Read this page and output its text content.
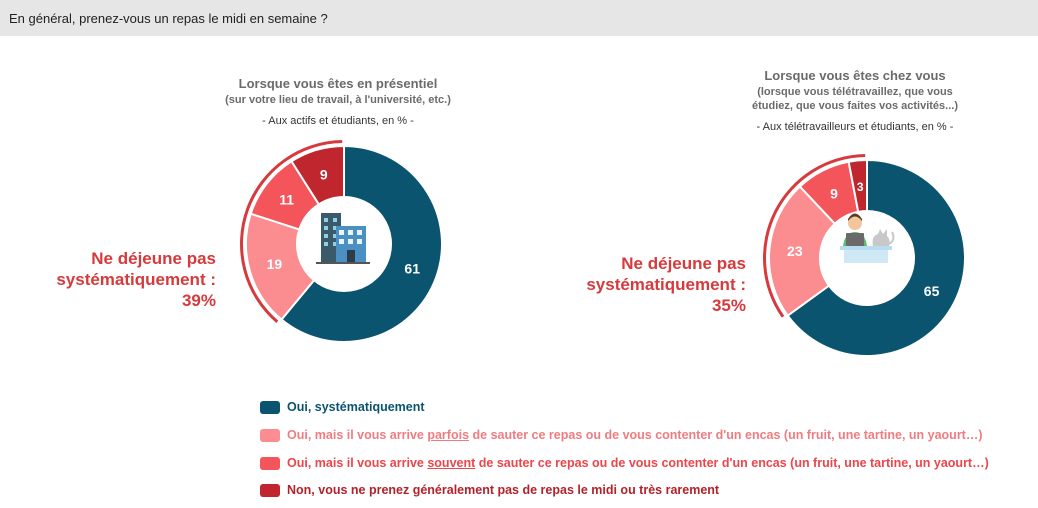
En général, prenez-vous un repas le midi en semaine ?
Lorsque vous êtes en présentiel
(sur votre lieu de travail, à l'université, etc.)
- Aux actifs et étudiants, en % -
Lorsque vous êtes chez vous
(lorsque vous télétravaillez, que vous
étudiez, que vous faites vos activités...)
- Aux télétravailleurs et étudiants, en % -
Ne déjeune pas
systématiquement :
39%
Ne déjeune pas
systématiquement :
35%
65
23
9 3
61
19
11
9
Oui, systématiquement
Oui, mais il vous arrive parfois de sauter ce repas ou de vous contenter d'un encas (un fruit, une tartine, un yaourt…)
Oui, mais il vous arrive souvent de sauter ce repas ou de vous contenter d'un encas (un fruit, une tartine, un yaourt…)
Non, vous ne prenez généralement pas de repas le midi ou très rarement
